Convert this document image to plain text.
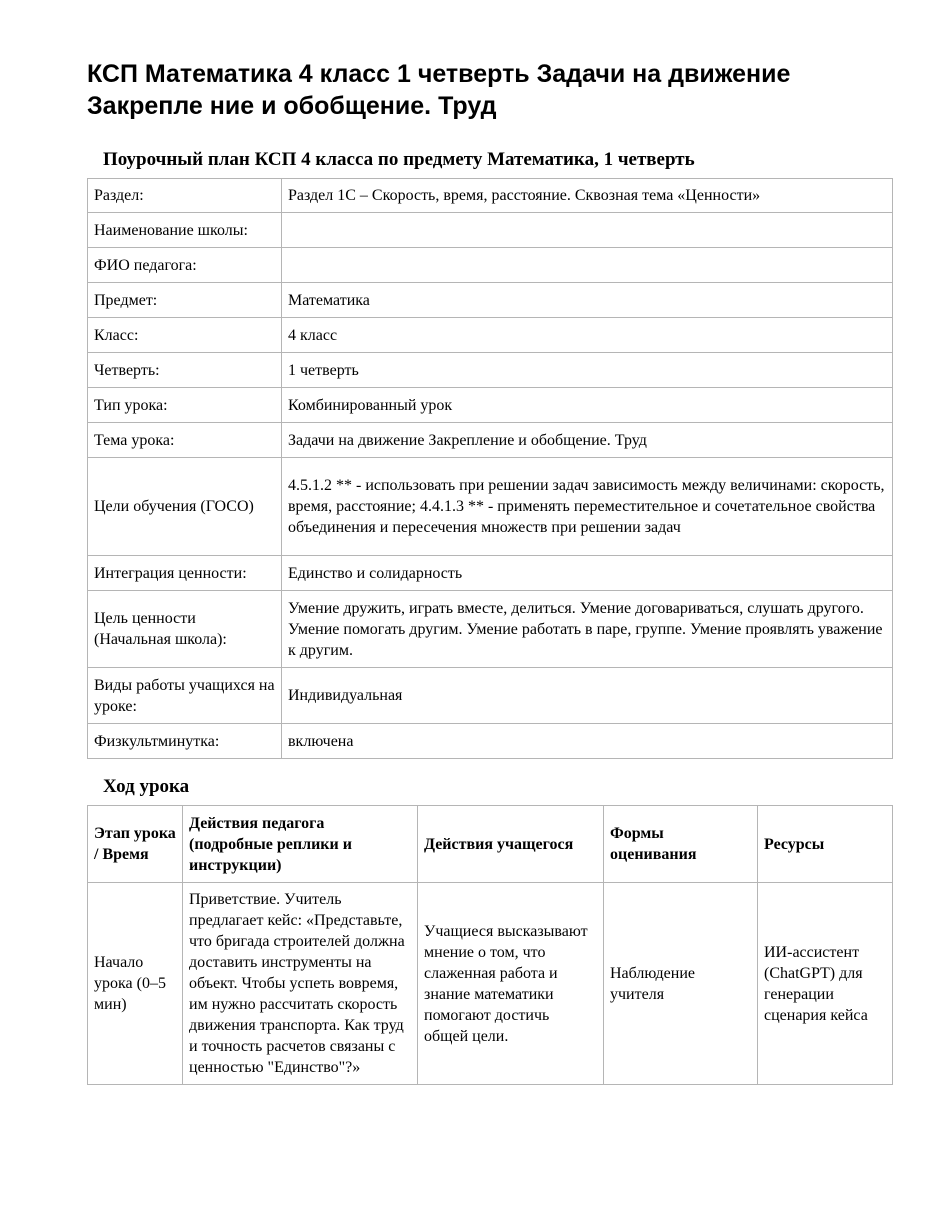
КСП Математика 4 класс 1 четверть Задачи на движение Закрепле ние и обобщение. Труд
Поурочный план КСП 4 класса по предмету Математика, 1 четверть
Раздел:	Раздел 1С – Скорость, время, расстояние. Сквозная тема «Ценности»
Наименование школы:	
ФИО педагога:	
Предмет:	Математика
Класс:	4 класс
Четверть:	1 четверть
Тип урока:	Комбинированный урок
Тема урока:	Задачи на движение Закрепление и обобщение. Труд
Цели обучения (ГОСО)	4.5.1.2 ** - использовать при решении задач зависимость между величинами: скорость, время, расстояние; 4.4.1.3 ** - применять переместительное и сочетательное свойства объединения и пересечения множеств при решении задач
Интеграция ценности:	Единство и солидарность
Цель ценности (Начальная школа):	Умение дружить, играть вместе, делиться. Умение договариваться, слушать другого. Умение помогать другим. Умение работать в паре, группе. Умение проявлять уважение к другим.
Виды работы учащихся на уроке:	Индивидуальная
Физкультминутка:	включена
Ход урока
Этап урока / Время	Действия педагога (подробные реплики и инструкции)	Действия учащегося	Формы оценивания	Ресурсы
Начало урока (0–5 мин)	Приветствие. Учитель предлагает кейс: «Представьте, что бригада строителей должна доставить инструменты на объект. Чтобы успеть вовремя, им нужно рассчитать скорость движения транспорта. Как труд и точность расчетов связаны с ценностью "Единство"?»	Учащиеся высказывают мнение о том, что слаженная работа и знание математики помогают достичь общей цели.	Наблюдение учителя	ИИ-ассистент (ChatGPT) для генерации сценария кейса
